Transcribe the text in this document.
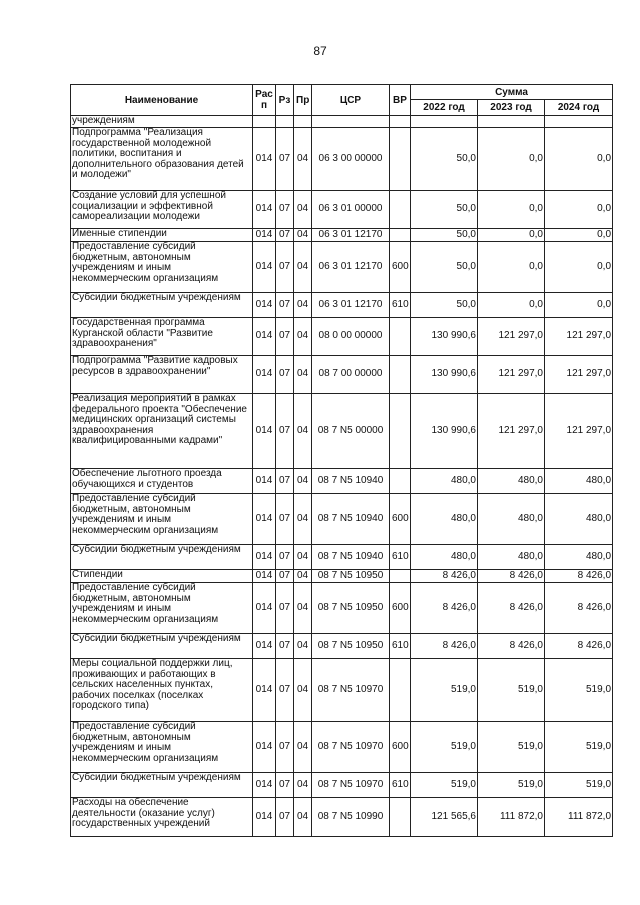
87
Наименование	Рас п	Рз	Пр	ЦСР	ВР	Сумма		
						2022 год	2023 год	2024 год
учреждениям								
Подпрограмма "Реализация государственной молодежной политики, воспитания и дополнительного образования детей и молодежи"	014	07	04	06 3 00 00000		50,0	0,0	0,0
Создание условий для успешной социализации и эффективной самореализации молодежи	014	07	04	06 3 01 00000		50,0	0,0	0,0
Именные стипендии	014	07	04	06 3 01 12170		50,0	0,0	0,0
Предоставление субсидий бюджетным, автономным учреждениям и иным некоммерческим организациям	014	07	04	06 3 01 12170	600	50,0	0,0	0,0
Субсидии бюджетным учреждениям	014	07	04	06 3 01 12170	610	50,0	0,0	0,0
Государственная программа Курганской области "Развитие здравоохранения"	014	07	04	08 0 00 00000		130 990,6	121 297,0	121 297,0
Подпрограмма "Развитие кадровых ресурсов в здравоохранении"	014	07	04	08 7 00 00000		130 990,6	121 297,0	121 297,0
Реализация мероприятий в рамках федерального проекта "Обеспечение медицинских организаций системы здравоохранения квалифицированными кадрами"	014	07	04	08 7 N5 00000		130 990,6	121 297,0	121 297,0
Обеспечение льготного проезда обучающихся и студентов	014	07	04	08 7 N5 10940		480,0	480,0	480,0
Предоставление субсидий бюджетным, автономным учреждениям и иным некоммерческим организациям	014	07	04	08 7 N5 10940	600	480,0	480,0	480,0
Субсидии бюджетным учреждениям	014	07	04	08 7 N5 10940	610	480,0	480,0	480,0
Стипендии	014	07	04	08 7 N5 10950		8 426,0	8 426,0	8 426,0
Предоставление субсидий бюджетным, автономным учреждениям и иным некоммерческим организациям	014	07	04	08 7 N5 10950	600	8 426,0	8 426,0	8 426,0
Субсидии бюджетным учреждениям	014	07	04	08 7 N5 10950	610	8 426,0	8 426,0	8 426,0
Меры социальной поддержки лиц, проживающих и работающих в сельских населенных пунктах, рабочих поселках (поселках городского типа)	014	07	04	08 7 N5 10970		519,0	519,0	519,0
Предоставление субсидий бюджетным, автономным учреждениям и иным некоммерческим организациям	014	07	04	08 7 N5 10970	600	519,0	519,0	519,0
Субсидии бюджетным учреждениям	014	07	04	08 7 N5 10970	610	519,0	519,0	519,0
Расходы на обеспечение деятельности (оказание услуг) государственных учреждений	014	07	04	08 7 N5 10990		121 565,6	111 872,0	111 872,0
